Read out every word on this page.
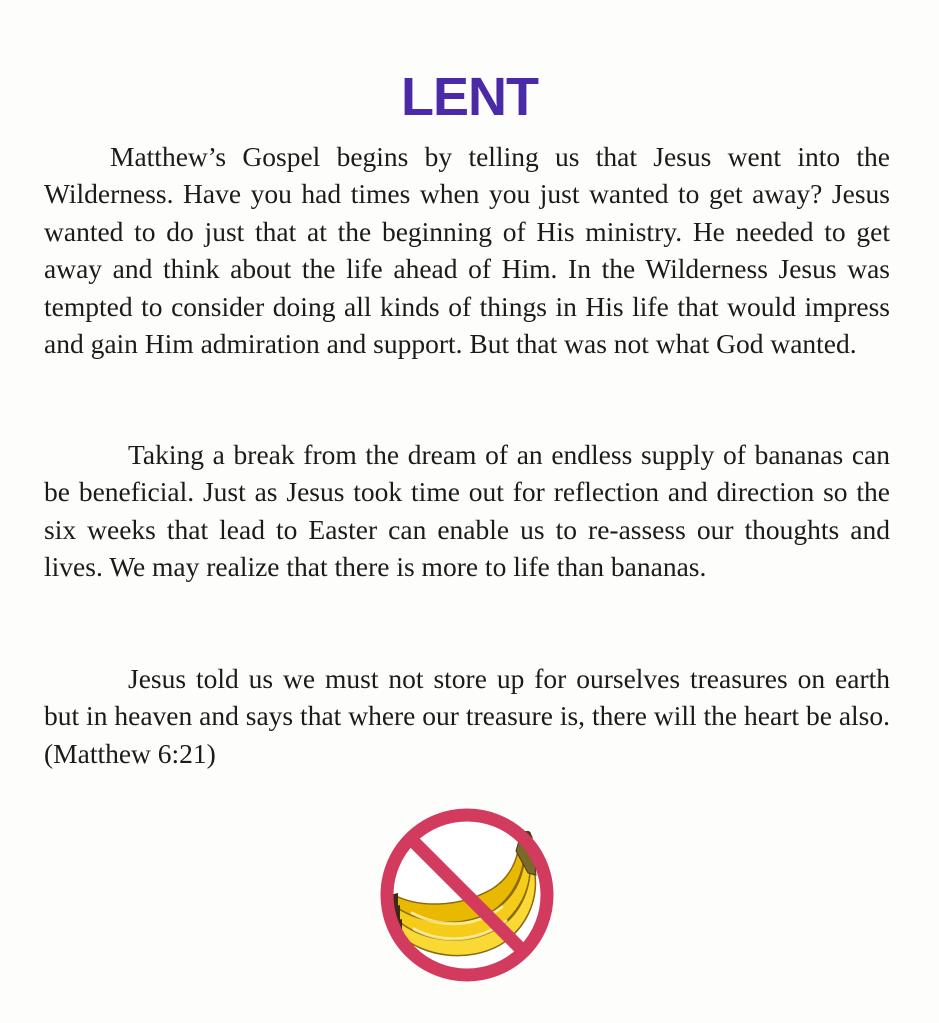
LENT

Matthew’s Gospel begins by telling us that Jesus went into the Wilderness. Have you had times when you just wanted to get away? Jesus wanted to do just that at the beginning of His ministry. He needed to get away and think about the life ahead of Him. In the Wilderness Jesus was tempted to consider doing all kinds of things in His life that would impress and gain Him admiration and support. But that was not what God wanted.

Taking a break from the dream of an endless supply of bananas can be beneficial. Just as Jesus took time out for reflection and direction so the six weeks that lead to Easter can enable us to re-assess our thoughts and lives. We may realize that there is more to life than bananas.

Jesus told us we must not store up for ourselves treasures on earth but in heaven and says that where our treasure is, there will the heart be also. (Matthew 6:21)
